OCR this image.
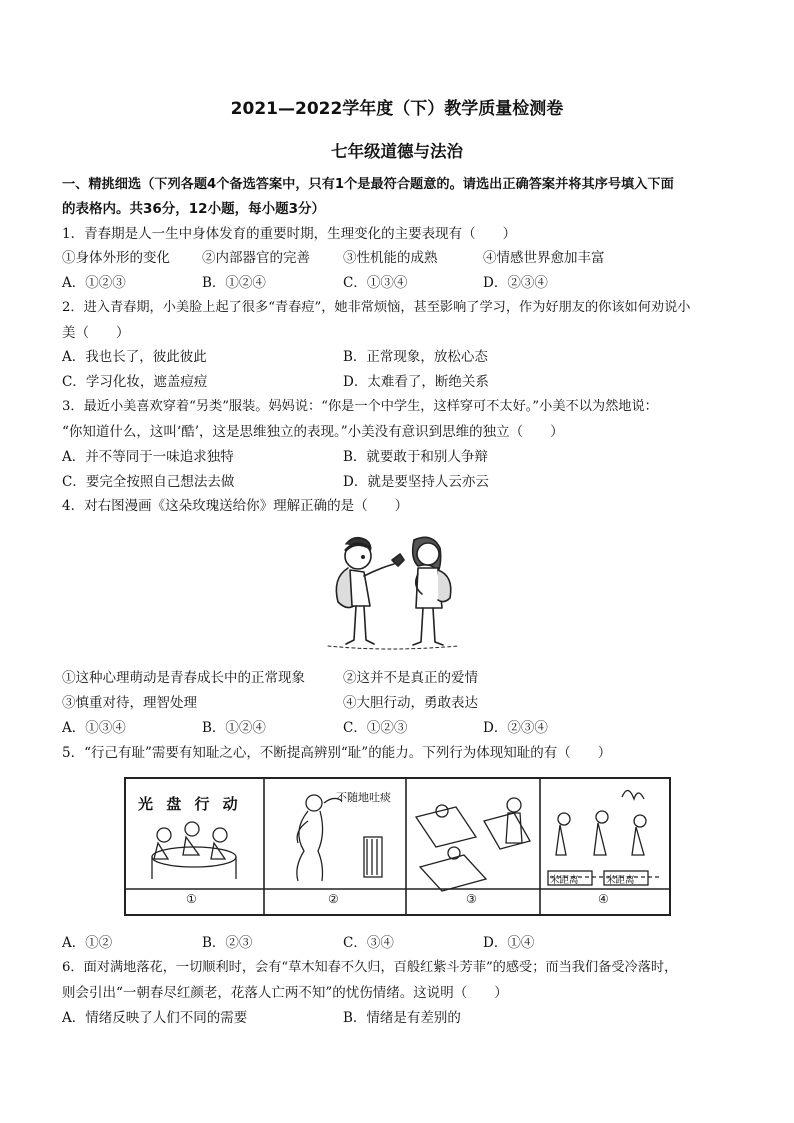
2021—2022学年度（下）教学质量检测卷
七年级道德与法治
一、精挑细选（下列各题4个备选答案中，只有1个是最符合题意的。请选出正确答案并将其序号填入下面
的表格内。共36分，12小题，每小题3分）
1．青春期是人一生中身体发育的重要时期，生理变化的主要表现有（　　）
①身体外形的变化 ②内部器官的完善 ③性机能的成熟	④情感世界愈加丰富
A．①②③	B．①②④	C．①③④	D．②③④
2．进入青春期，小美脸上起了很多“青春痘”，她非常烦恼，甚至影响了学习，作为好朋友的你该如何劝说小
美（　　）
A．我也长了，彼此彼此	B．正常现象，放松心态
C．学习化妆，遮盖痘痘	D．太难看了，断绝关系
3．最近小美喜欢穿着“另类”服装。妈妈说：“你是一个中学生，这样穿可不太好。”小美不以为然地说：
“你知道什么，这叫‘酷’，这是思维独立的表现。”小美没有意识到思维的独立（　　）
A．并不等同于一味追求独特	B．就要敢于和别人争辩
C．要完全按照自己想法去做	D．就是要坚持人云亦云
4．对右图漫画《这朵玫瑰送给你》理解正确的是（　　）
①这种心理萌动是青春成长中的正常现象	②这并不是真正的爱情
③慎重对待，理智处理	④大胆行动，勇敢表达
A．①③④	B．①②④	C．①②③	D．②③④
5．“行己有耻”需要有知耻之心，不断提高辨别“耻”的能力。下列行为体现知耻的有（　　）
光 盘 行 动	不随地吐痰
米距离	米距离
①	②	③	④
A．①②	B．②③	C．③④	D．①④
6．面对满地落花，一切顺利时，会有“草木知春不久归，百般红紫斗芳菲”的感受；而当我们备受冷落时，
则会引出“一朝春尽红颜老，花落人亡两不知”的忧伤情绪。这说明（　　）
A．情绪反映了人们不同的需要	B．情绪是有差别的
